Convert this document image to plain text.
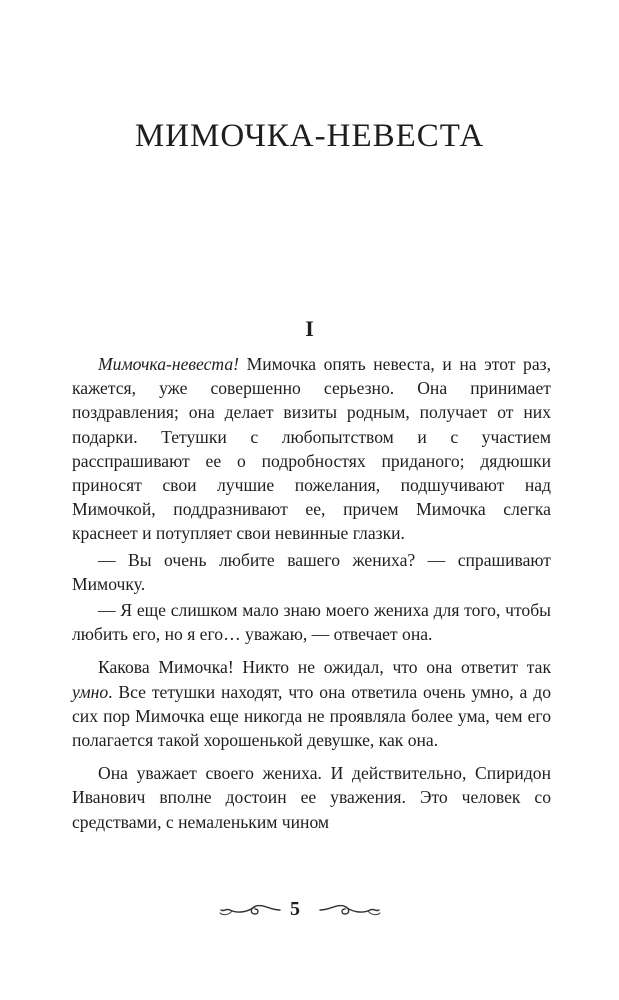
МИМОЧКА-НЕВЕСТА
I

Мимочка-невеста! Мимочка опять невеста, и на этот раз, кажется, уже совершенно серьезно. Она принимает поздравления; она делает визиты родным, получает от них подарки. Тетушки с любопытством и с участием расспрашивают ее о подробностях приданого; дядюшки приносят свои лучшие пожелания, подшучивают над Мимочкой, поддразнивают ее, причем Мимочка слегка краснеет и потупляет свои невинные глазки.

— Вы очень любите вашего жениха? — спрашивают Мимочку.

— Я еще слишком мало знаю моего жениха для того, чтобы любить его, но я его… уважаю, — отвечает она.

Какова Мимочка! Никто не ожидал, что она ответит так умно. Все тетушки находят, что она ответила очень умно, а до сих пор Мимочка еще никогда не проявляла более ума, чем его полагается такой хорошенькой девушке, как она.

Она уважает своего жениха. И действительно, Спиридон Иванович вполне достоин ее уважения. Это человек со средствами, с немаленьким чином

5
